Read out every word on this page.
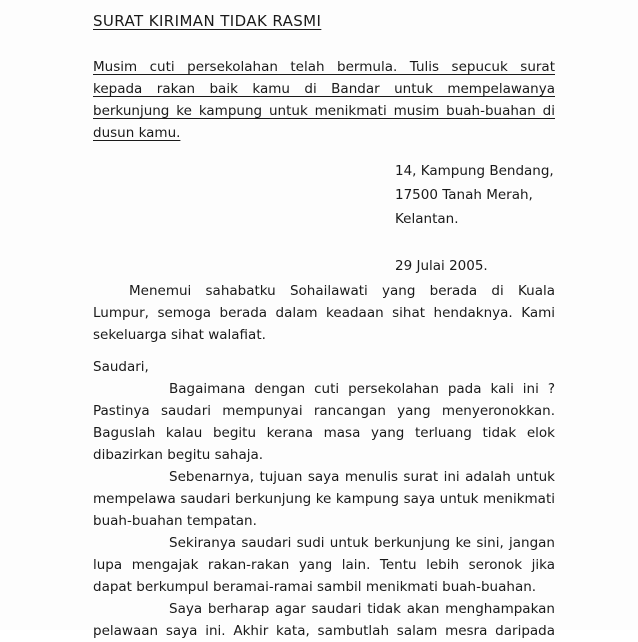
SURAT KIRIMAN TIDAK RASMI
Musim cuti persekolahan telah bermula. Tulis sepucuk surat
kepada rakan baik kamu di Bandar untuk mempelawanya
berkunjung ke kampung untuk menikmati musim buah-buahan di
dusun kamu.
14, Kampung Bendang,
17500 Tanah Merah,
Kelantan.
29 Julai 2005.
Menemui sahabatku Sohailawati yang berada di Kuala
Lumpur, semoga berada dalam keadaan sihat hendaknya. Kami
sekeluarga sihat walafiat.
Saudari,
Bagaimana dengan cuti persekolahan pada kali ini ?
Pastinya saudari mempunyai rancangan yang menyeronokkan.
Baguslah kalau begitu kerana masa yang terluang tidak elok
dibazirkan begitu sahaja.
Sebenarnya, tujuan saya menulis surat ini adalah untuk
mempelawa saudari berkunjung ke kampung saya untuk menikmati
buah-buahan tempatan.
Sekiranya saudari sudi untuk berkunjung ke sini, jangan
lupa mengajak rakan-rakan yang lain. Tentu lebih seronok jika
dapat berkumpul beramai-ramai sambil menikmati buah-buahan.
Saya berharap agar saudari tidak akan menghampakan
pelawaan saya ini. Akhir kata, sambutlah salam mesra daripada
